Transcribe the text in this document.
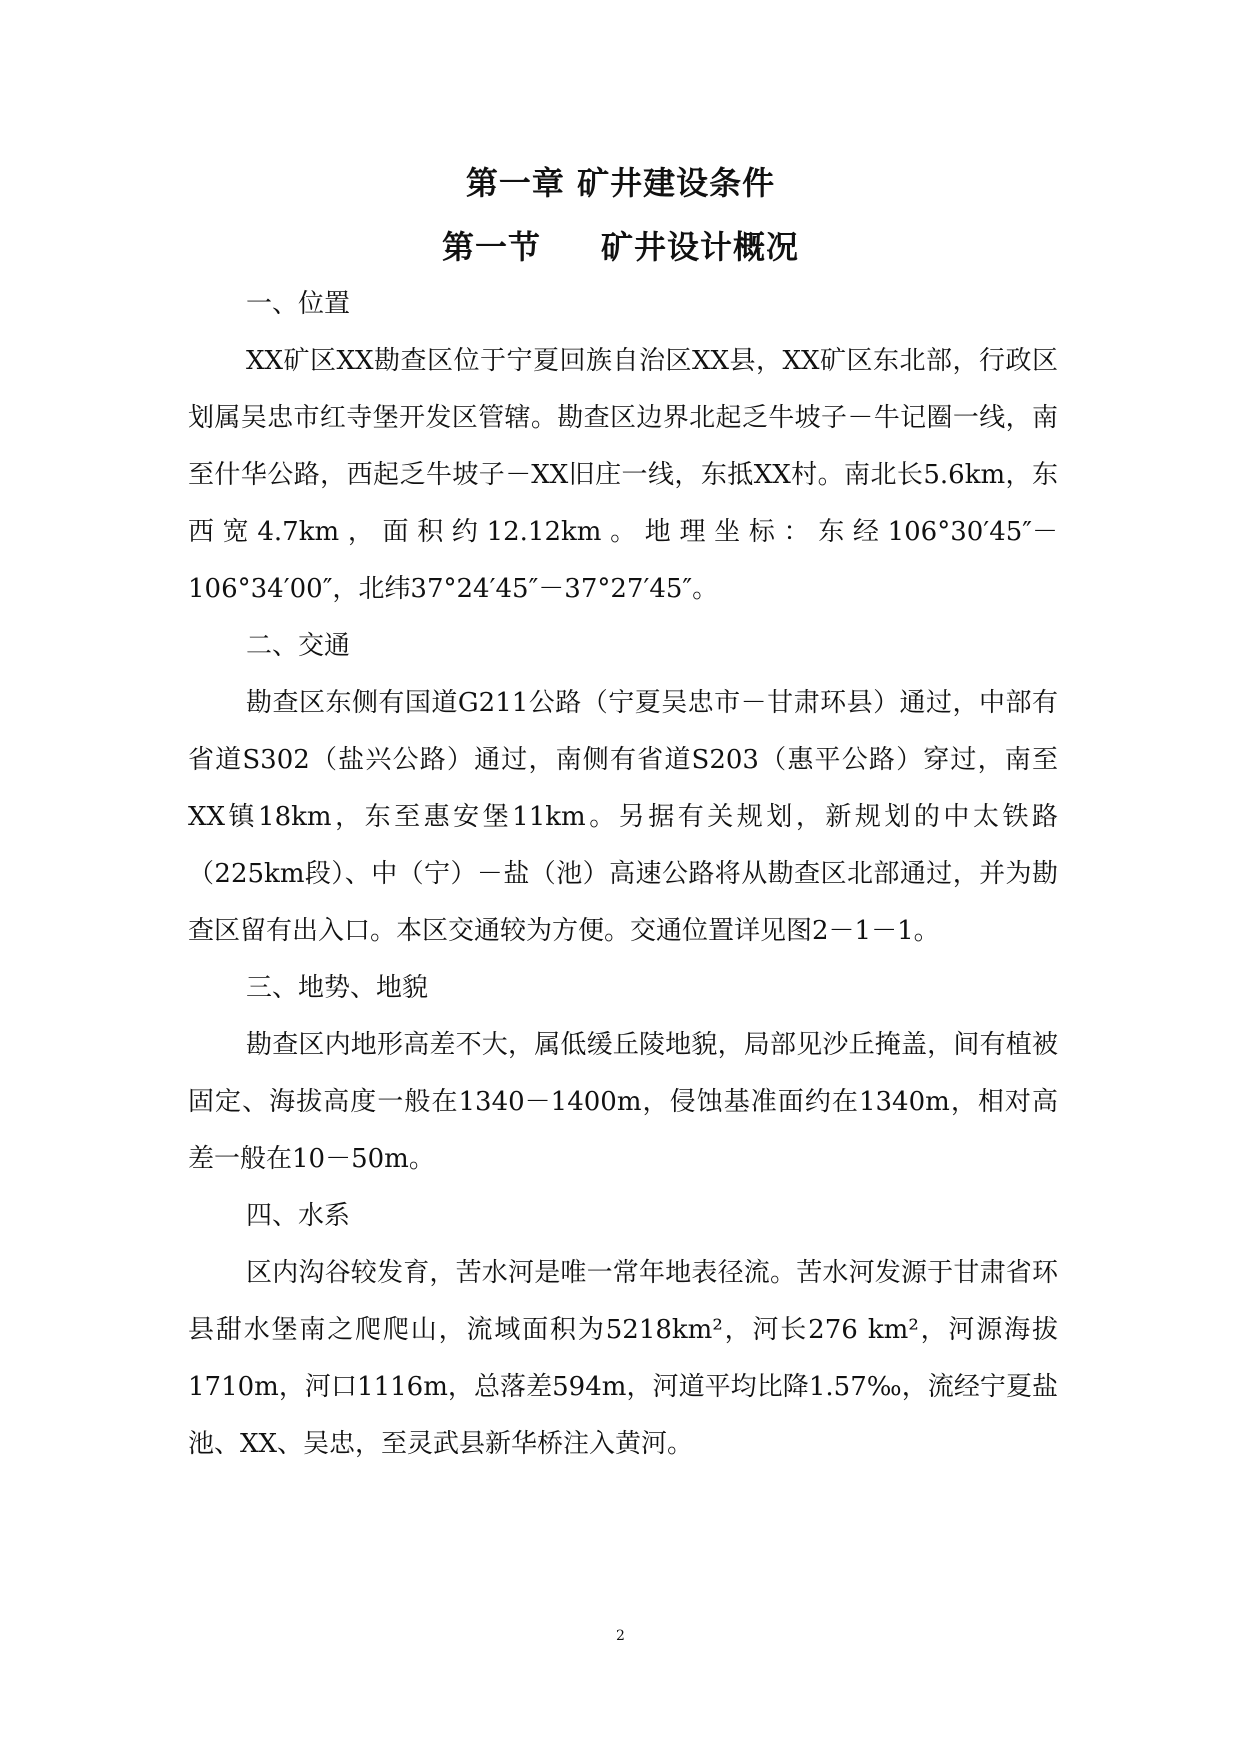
第一章 矿井建设条件
第一节 矿井设计概况

一、位置

XX矿区XX勘查区位于宁夏回族自治区XX县，XX矿区东北部，行政区划属吴忠市红寺堡开发区管辖。勘查区边界北起乏牛坡子－牛记圈一线，南至什华公路，西起乏牛坡子－XX旧庄一线，东抵XX村。南北长5.6km，东西宽4.7km，面积约12.12km。地理坐标：东经106°30′45″－106°34′00″，北纬37°24′45″－37°27′45″。

二、交通

勘查区东侧有国道G211公路（宁夏吴忠市－甘肃环县）通过，中部有省道S302（盐兴公路）通过，南侧有省道S203（惠平公路）穿过，南至XX镇18km，东至惠安堡11km。另据有关规划，新规划的中太铁路（225km段）、中（宁）－盐（池）高速公路将从勘查区北部通过，并为勘查区留有出入口。本区交通较为方便。交通位置详见图2－1－1。

三、地势、地貌

勘查区内地形高差不大，属低缓丘陵地貌，局部见沙丘掩盖，间有植被固定、海拔高度一般在1340－1400m，侵蚀基准面约在1340m，相对高差一般在10－50m。

四、水系

区内沟谷较发育，苦水河是唯一常年地表径流。苦水河发源于甘肃省环县甜水堡南之爬爬山，流域面积为5218km²，河长276 km²，河源海拔1710m，河口1116m，总落差594m，河道平均比降1.57‰，流经宁夏盐池、XX、吴忠，至灵武县新华桥注入黄河。

2
